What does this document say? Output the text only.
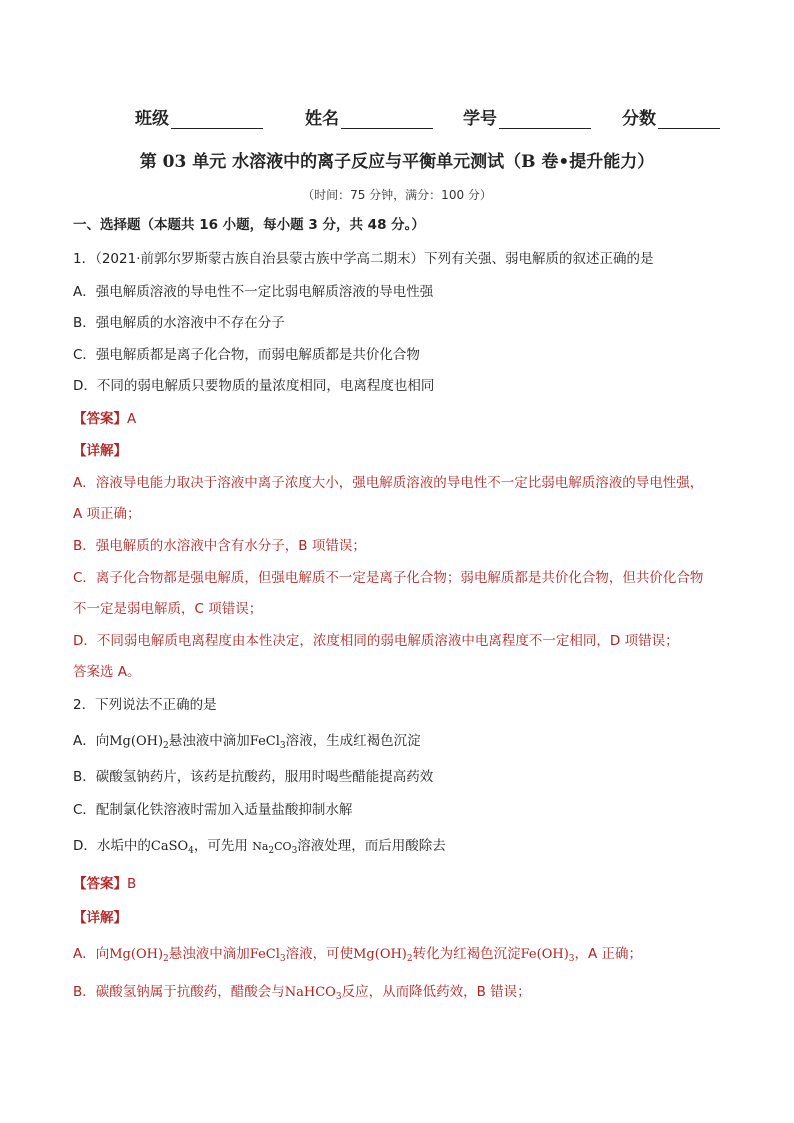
班级	姓名	学号	分数
第 03 单元 水溶液中的离子反应与平衡单元测试（B 卷•提升能力）
（时间：75 分钟，满分：100 分）
一、选择题（本题共 16 小题，每小题 3 分，共 48 分。）
1．（2021·前郭尔罗斯蒙古族自治县蒙古族中学高二期末）下列有关强、弱电解质的叙述正确的是
A．强电解质溶液的导电性不一定比弱电解质溶液的导电性强
B．强电解质的水溶液中不存在分子
C．强电解质都是离子化合物，而弱电解质都是共价化合物
D．不同的弱电解质只要物质的量浓度相同，电离程度也相同
【答案】A
【详解】
A．溶液导电能力取决于溶液中离子浓度大小，强电解质溶液的导电性不一定比弱电解质溶液的导电性强，
A 项正确；
B．强电解质的水溶液中含有水分子，B 项错误；
C．离子化合物都是强电解质，但强电解质不一定是离子化合物；弱电解质都是共价化合物，但共价化合物
不一定是弱电解质，C 项错误；
D．不同弱电解质电离程度由本性决定，浓度相同的弱电解质溶液中电离程度不一定相同，D 项错误；
答案选 A。
2．下列说法不正确的是
A．向$Mg(OH)_2$悬浊液中滴加FeCl$_3$溶液，生成红褐色沉淀
B．碳酸氢钠药片，该药是抗酸药，服用时喝些醋能提高药效
C．配制氯化铁溶液时需加入适量盐酸抑制水解
D．水垢中的CaSO$_4$，可先用 $Na_2CO_3$溶液处理，而后用酸除去
【答案】B
【详解】
A．向$Mg(OH)_2$悬浊液中滴加FeCl$_3$溶液，可使$Mg(OH)_2$转化为红褐色沉淀$Fe(OH)_3$，A 正确；
B．碳酸氢钠属于抗酸药，醋酸会与NaHCO$_3$反应，从而降低药效，B 错误；
